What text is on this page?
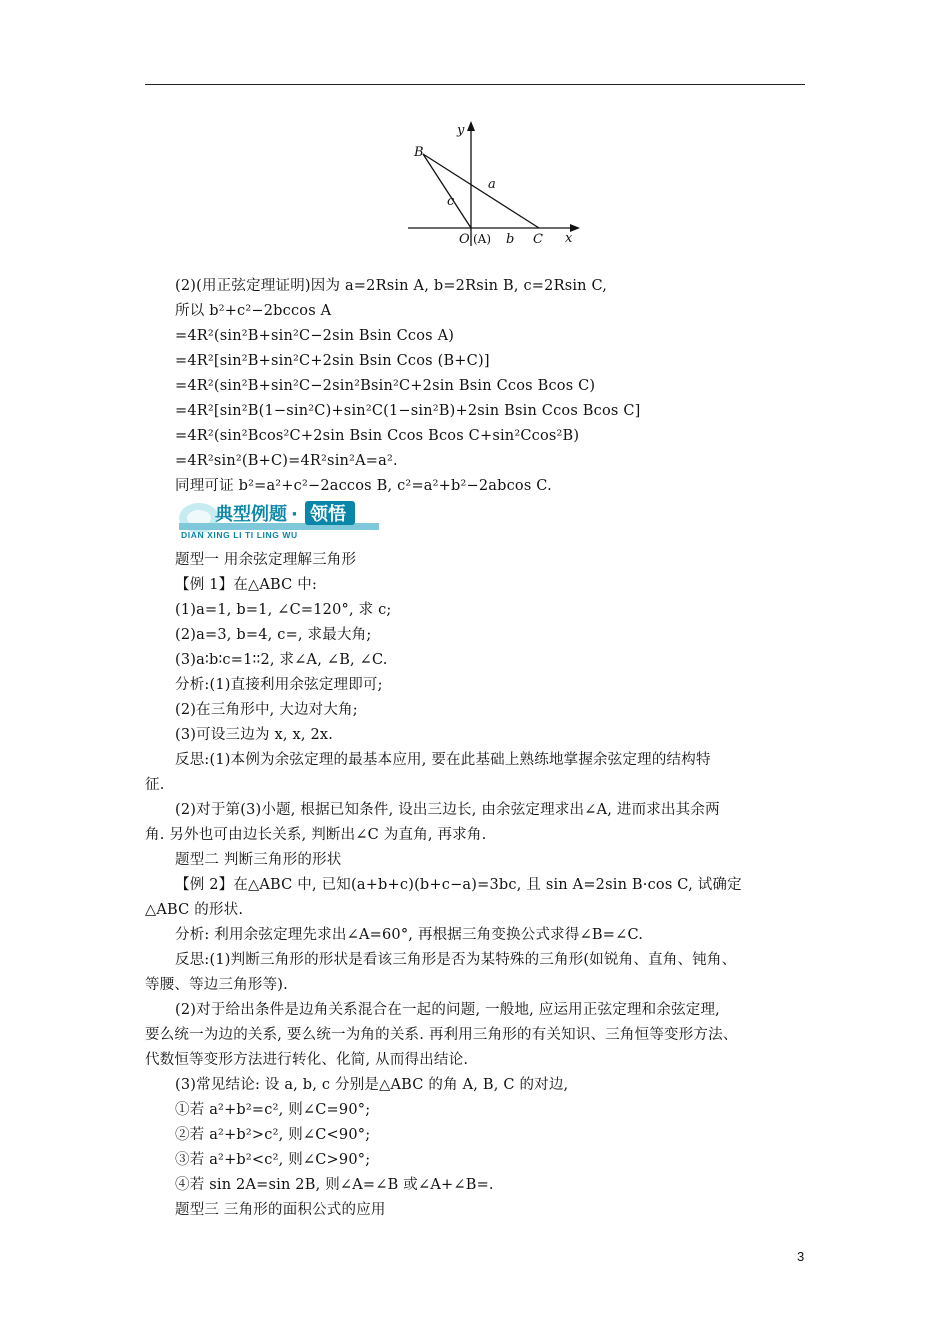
y
x
B
a
c
O	b C
(A)
(2)(用正弦定理证明)因为 a=2Rsin A, b=2Rsin B, c=2Rsin C,
所以 b²+c²−2bccos A
=4R²(sin²B+sin²C−2sin Bsin Ccos A)
=4R²[sin²B+sin²C+2sin Bsin Ccos (B+C)]
=4R²(sin²B+sin²C−2sin²Bsin²C+2sin Bsin Ccos Bcos C)
=4R²[sin²B(1−sin²C)+sin²C(1−sin²B)+2sin Bsin Ccos Bcos C]
=4R²(sin²Bcos²C+2sin Bsin Ccos Bcos C+sin²Ccos²B)
=4R²sin²(B+C)=4R²sin²A=a².
同理可证 b²=a²+c²−2accos B, c²=a²+b²−2abcos C.
典型例题 · 领悟
DIAN XING LI TI LING WU
题型一 用余弦定理解三角形
【例 1】在△ABC 中:
(1)a=1, b=1, ∠C=120°, 求 c;
(2)a=3, b=4, c=, 求最大角;
(3)a∶b∶c=1∶∶2, 求∠A, ∠B, ∠C.
分析:(1)直接利用余弦定理即可;
(2)在三角形中, 大边对大角;
(3)可设三边为 x, x, 2x.
反思:(1)本例为余弦定理的最基本应用, 要在此基础上熟练地掌握余弦定理的结构特
征.
(2)对于第(3)小题, 根据已知条件, 设出三边长, 由余弦定理求出∠A, 进而求出其余两
角. 另外也可由边长关系, 判断出∠C 为直角, 再求角.
题型二 判断三角形的形状
【例 2】在△ABC 中, 已知(a+b+c)(b+c−a)=3bc, 且 sin A=2sin B·cos C, 试确定
△ABC 的形状.
分析: 利用余弦定理先求出∠A=60°, 再根据三角变换公式求得∠B=∠C.
反思:(1)判断三角形的形状是看该三角形是否为某特殊的三角形(如锐角、直角、钝角、
等腰、等边三角形等).
(2)对于给出条件是边角关系混合在一起的问题, 一般地, 应运用正弦定理和余弦定理,
要么统一为边的关系, 要么统一为角的关系. 再利用三角形的有关知识、三角恒等变形方法、
代数恒等变形方法进行转化、化简, 从而得出结论.
(3)常见结论: 设 a, b, c 分别是△ABC 的角 A, B, C 的对边,
①若 a²+b²=c², 则∠C=90°;
②若 a²+b²>c², 则∠C<90°;
③若 a²+b²<c², 则∠C>90°;
④若 sin 2A=sin 2B, 则∠A=∠B 或∠A+∠B=.
题型三 三角形的面积公式的应用
3
